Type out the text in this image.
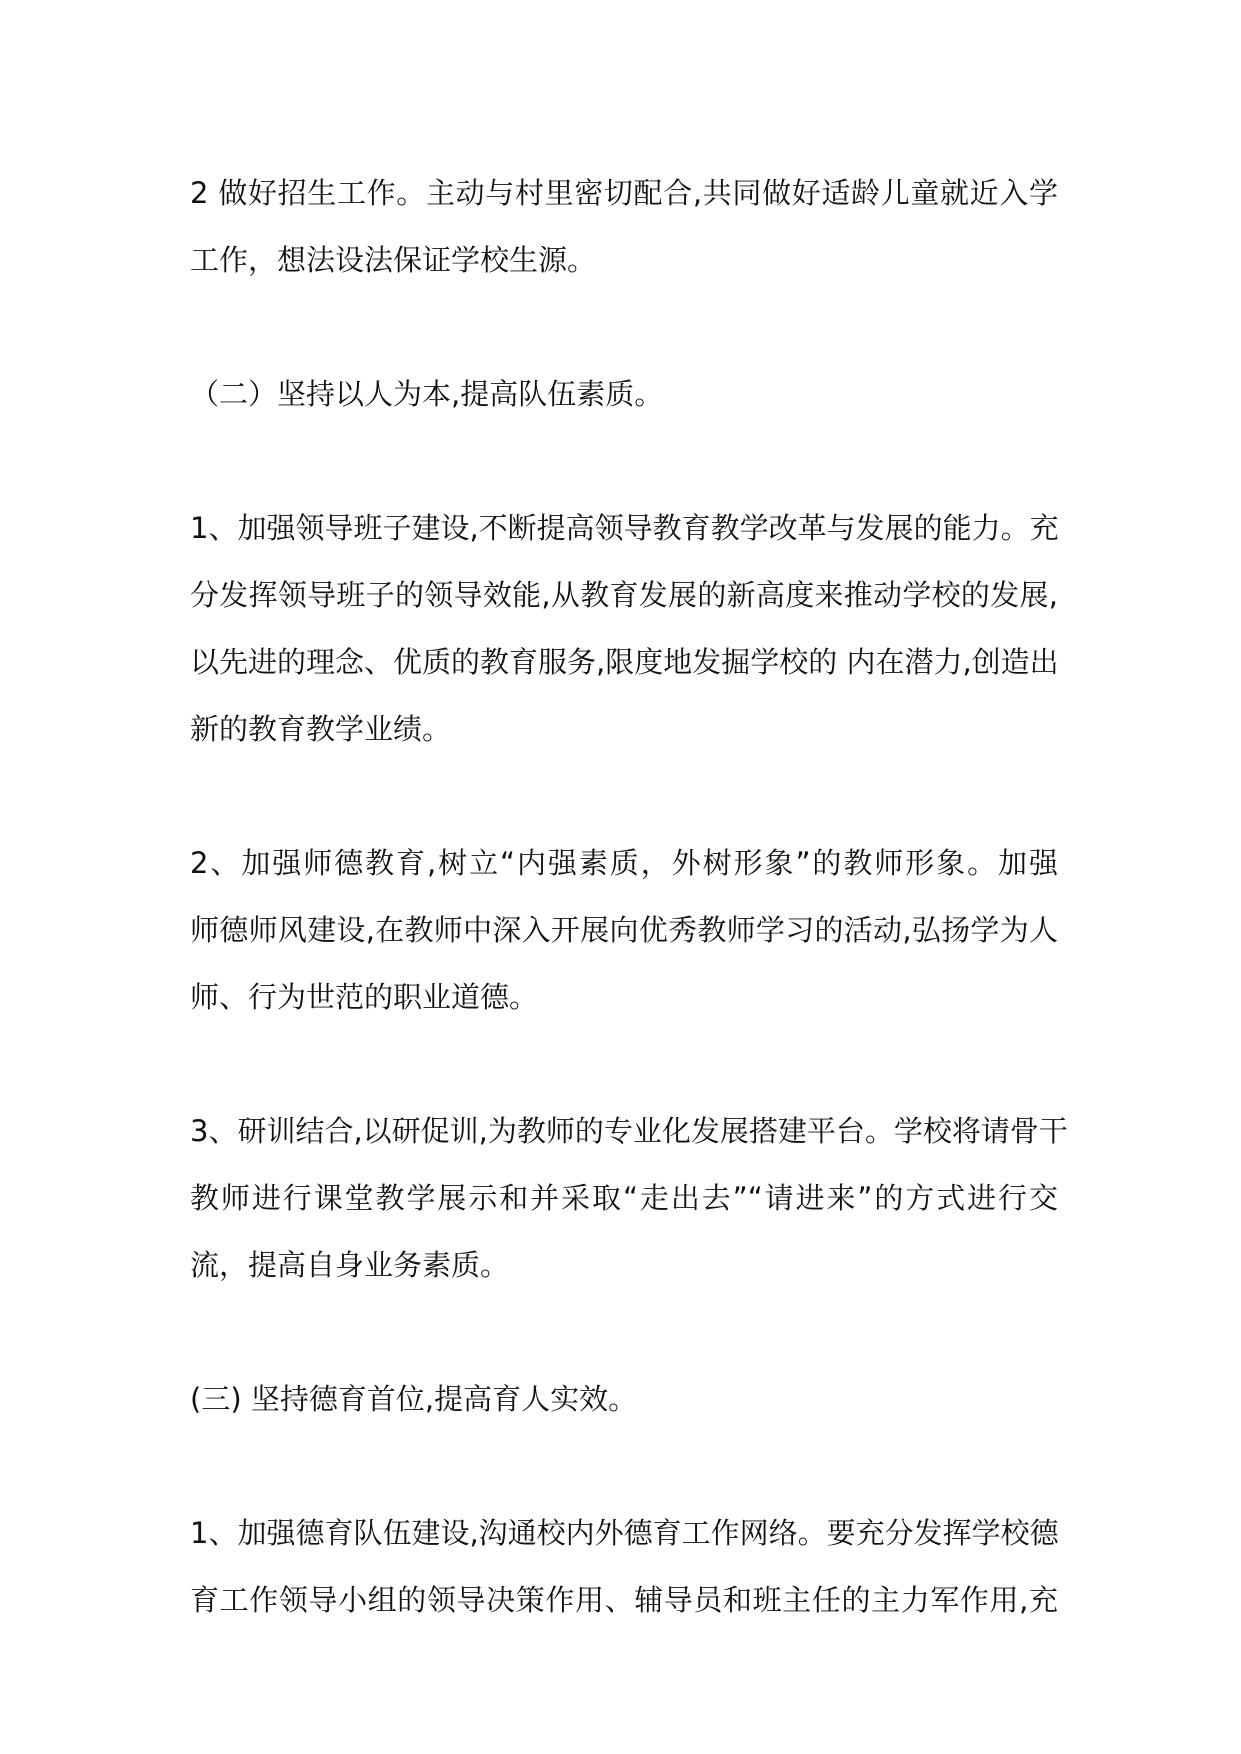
2 做好招生工作。主动与村里密切配合,共同做好适龄儿童就近入学
工作，想法设法保证学校生源。
（二）坚持以人为本,提高队伍素质。
1、加强领导班子建设,不断提高领导教育教学改革与发展的能力。充
分发挥领导班子的领导效能,从教育发展的新高度来推动学校的发展,
以先进的理念、优质的教育服务,限度地发掘学校的 内在潜力,创造出
新的教育教学业绩。
2、加强师德教育,树立“内强素质，外树形象”的教师形象。加强
师德师风建设,在教师中深入开展向优秀教师学习的活动,弘扬学为人
师、行为世范的职业道德。
3、研训结合,以研促训,为教师的专业化发展搭建平台。学校将请骨干
教师进行课堂教学展示和并采取“走出去”“请进来”的方式进行交
流，提高自身业务素质。
(三) 坚持德育首位,提高育人实效。
1、加强德育队伍建设,沟通校内外德育工作网络。要充分发挥学校德
育工作领导小组的领导决策作用、辅导员和班主任的主力军作用,充
